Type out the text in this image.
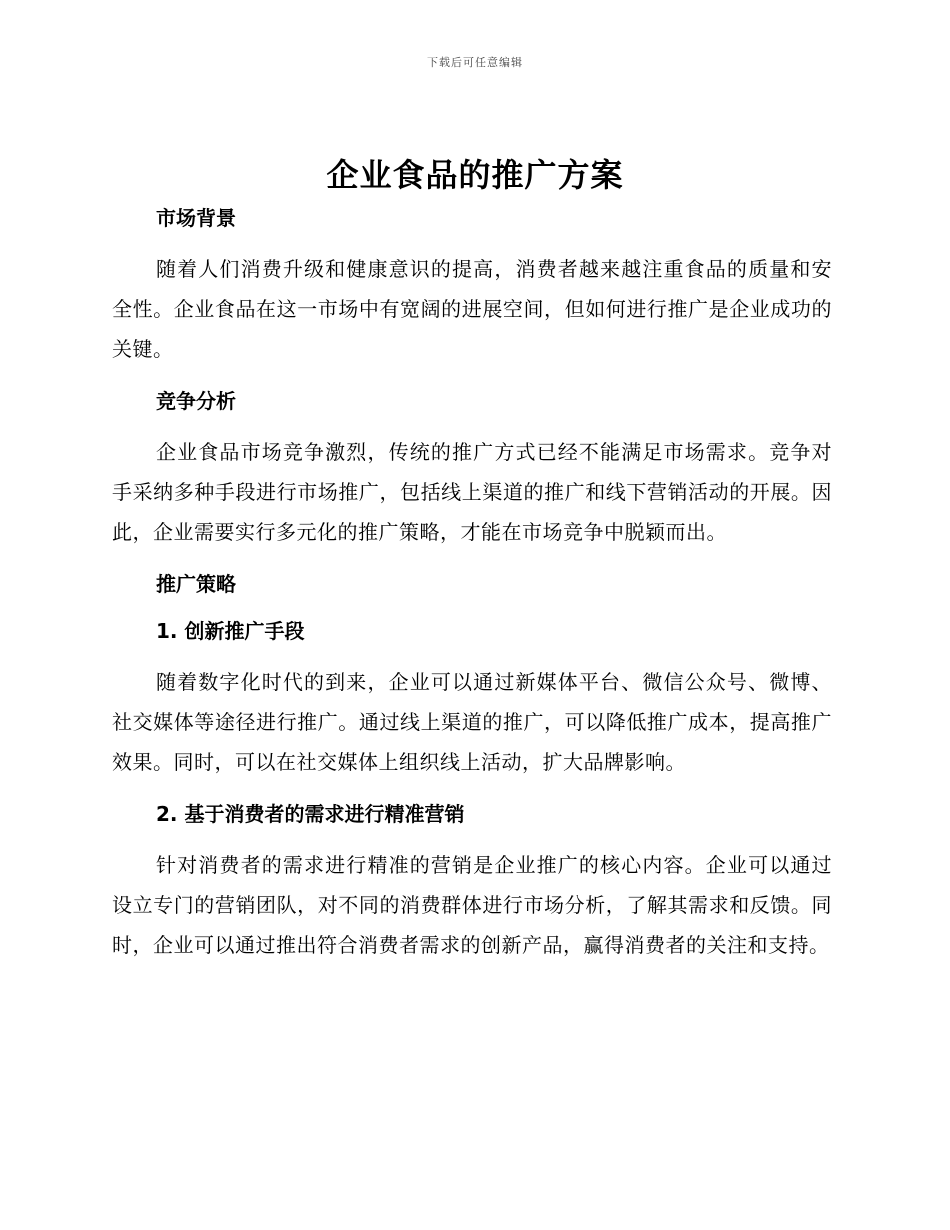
下载后可任意编辑
企业食品的推广方案
市场背景

随着人们消费升级和健康意识的提高，消费者越来越注重食品的质量和安全性。企业食品在这一市场中有宽阔的进展空间，但如何进行推广是企业成功的关键。

竞争分析

企业食品市场竞争激烈，传统的推广方式已经不能满足市场需求。竞争对手采纳多种手段进行市场推广，包括线上渠道的推广和线下营销活动的开展。因此，企业需要实行多元化的推广策略，才能在市场竞争中脱颖而出。

推广策略
1. 创新推广手段

随着数字化时代的到来，企业可以通过新媒体平台、微信公众号、微博、社交媒体等途径进行推广。通过线上渠道的推广，可以降低推广成本，提高推广效果。同时，可以在社交媒体上组织线上活动，扩大品牌影响。

2. 基于消费者的需求进行精准营销

针对消费者的需求进行精准的营销是企业推广的核心内容。企业可以通过设立专门的营销团队，对不同的消费群体进行市场分析，了解其需求和反馈。同时，企业可以通过推出符合消费者需求的创新产品，赢得消费者的关注和支持。
